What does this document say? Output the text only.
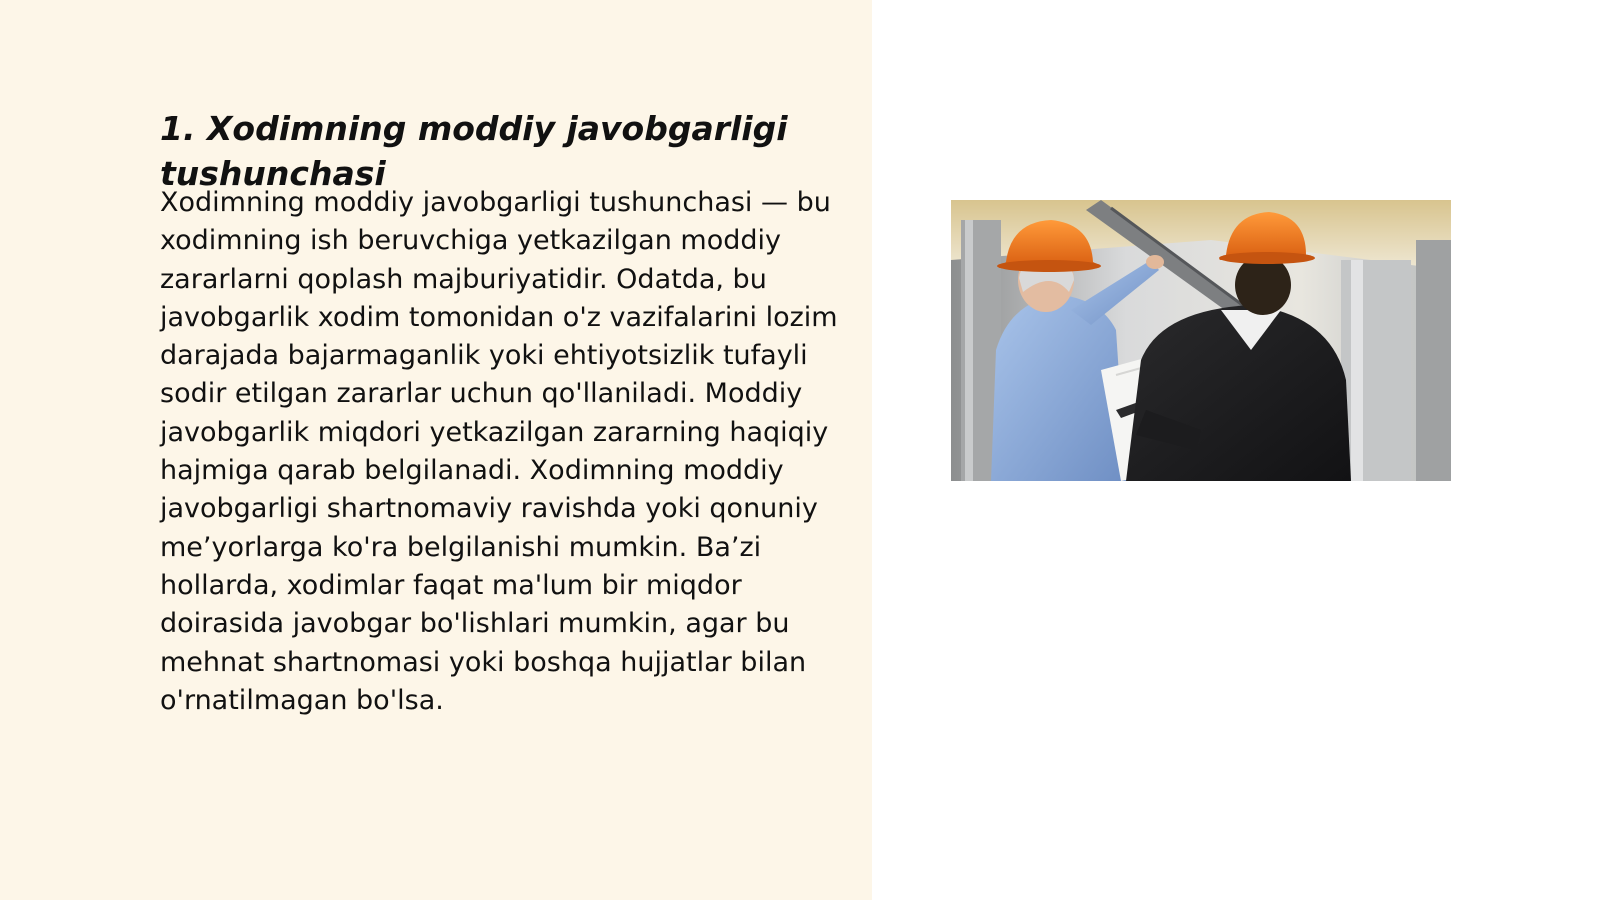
1. Xodimning moddiy javobgarligi tushunchasi

Xodimning moddiy javobgarligi tushunchasi — bu xodimning ish beruvchiga yetkazilgan moddiy zararlarni qoplash majburiyatidir. Odatda, bu javobgarlik xodim tomonidan o'z vazifalarini lozim darajada bajarmaganlik yoki ehtiyotsizlik tufayli sodir etilgan zararlar uchun qo'llaniladi. Moddiy javobgarlik miqdori yetkazilgan zararning haqiqiy hajmiga qarab belgilanadi. Xodimning moddiy javobgarligi shartnomaviy ravishda yoki qonuniy me’yorlarga ko'ra belgilanishi mumkin. Ba’zi hollarda, xodimlar faqat ma'lum bir miqdor doirasida javobgar bo'lishlari mumkin, agar bu mehnat shartnomasi yoki boshqa hujjatlar bilan o'rnatilmagan bo'lsa.
